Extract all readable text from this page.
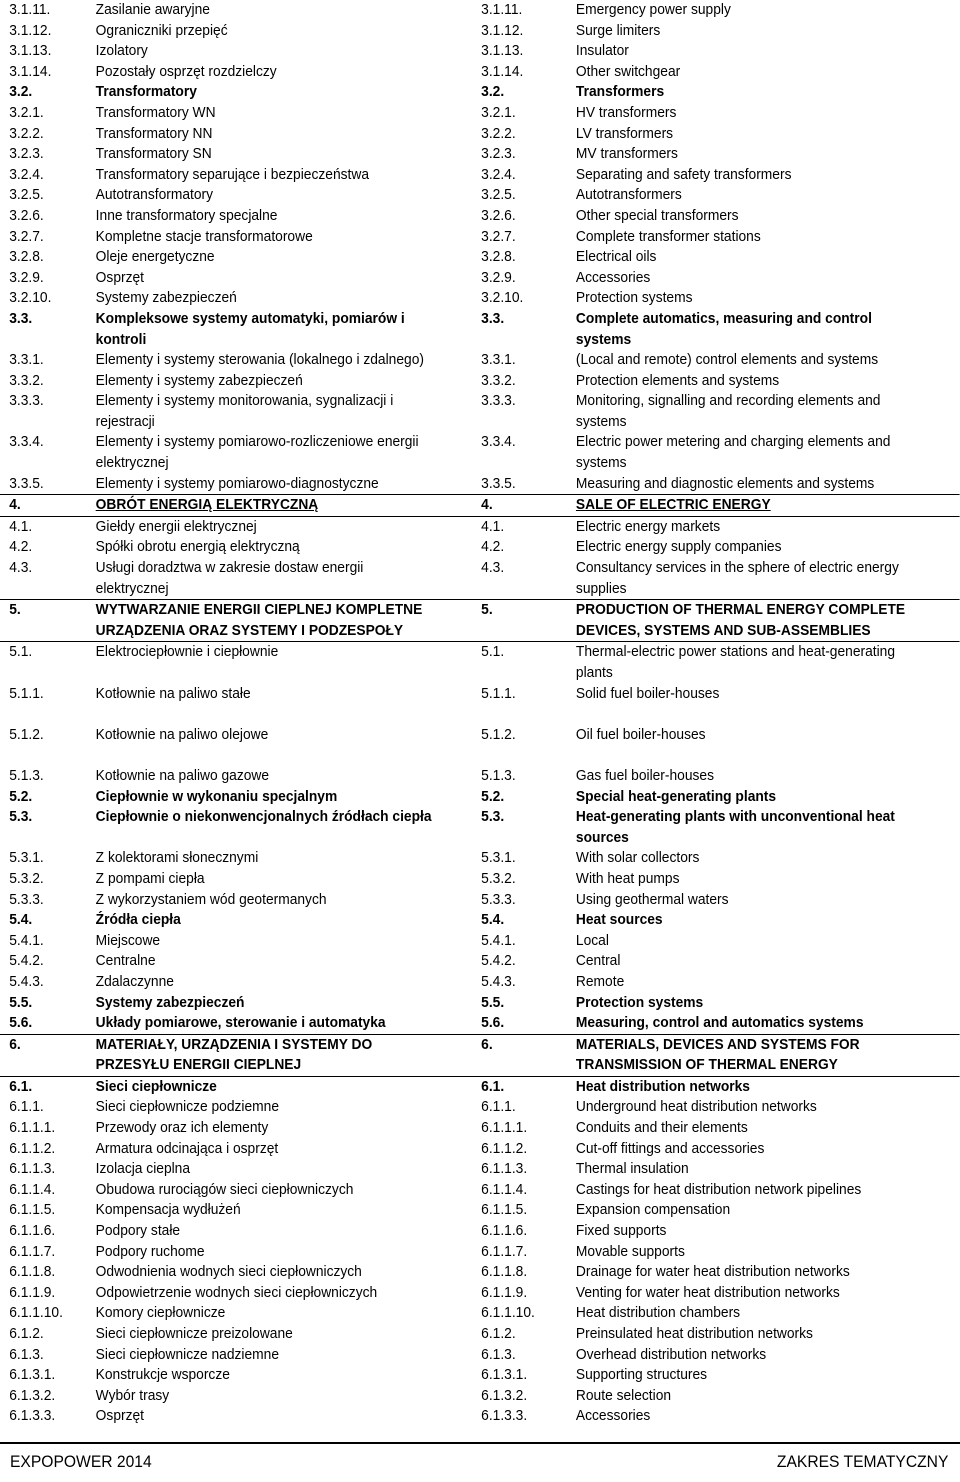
3.1.11.	Zasilanie awaryjne	3.1.11.	Emergency power supply
3.1.12.	Ograniczniki przepięć	3.1.12.	Surge limiters
3.1.13.	Izolatory	3.1.13.	Insulator
3.1.14.	Pozostały osprzęt rozdzielczy	3.1.14.	Other switchgear
3.2.	Transformatory	3.2.	Transformers
3.2.1.	Transformatory WN	3.2.1.	HV transformers
3.2.2.	Transformatory NN	3.2.2.	LV transformers
3.2.3.	Transformatory SN	3.2.3.	MV transformers
3.2.4.	Transformatory separujące i bezpieczeństwa	3.2.4.	Separating and safety transformers
3.2.5.	Autotransformatory	3.2.5.	Autotransformers
3.2.6.	Inne transformatory specjalne	3.2.6.	Other special transformers
3.2.7.	Kompletne stacje transformatorowe	3.2.7.	Complete transformer stations
3.2.8.	Oleje energetyczne	3.2.8.	Electrical oils
3.2.9.	Osprzęt	3.2.9.	Accessories
3.2.10.	Systemy zabezpieczeń	3.2.10.	Protection systems
3.3.	Kompleksowe systemy automatyki, pomiarów i	3.3.	Complete automatics, measuring and control
kontroli	systems
3.3.1.	Elementy i systemy sterowania (lokalnego i zdalnego)	3.3.1.	(Local and remote) control elements and systems
3.3.2.	Elementy i systemy zabezpieczeń	3.3.2.	Protection elements and systems
3.3.3.	Elementy i systemy monitorowania, sygnalizacji i	3.3.3.	Monitoring, signalling and recording elements and
rejestracji	systems
3.3.4.	Elementy i systemy pomiarowo-rozliczeniowe energii	3.3.4.	Electric power metering and charging elements and
elektrycznej	systems
3.3.5.	Elementy i systemy pomiarowo-diagnostyczne	3.3.5.	Measuring and diagnostic elements and systems
4.	OBRÓT ENERGIĄ ELEKTRYCZNĄ	4.	SALE OF ELECTRIC ENERGY
4.1.	Giełdy energii elektrycznej	4.1.	Electric energy markets
4.2.	Spółki obrotu energią elektryczną	4.2.	Electric energy supply companies
4.3.	Usługi doradztwa w zakresie dostaw energii	4.3.	Consultancy services in the sphere of electric energy
elektrycznej	supplies
5.	WYTWARZANIE ENERGII CIEPLNEJ KOMPLETNE	5.	PRODUCTION OF THERMAL ENERGY COMPLETE
URZĄDZENIA ORAZ SYSTEMY I PODZESPOŁY	DEVICES, SYSTEMS AND SUB-ASSEMBLIES
5.1.	Elektrociepłownie i ciepłownie	5.1.	Thermal-electric power stations and heat-generating
plants
5.1.1.	Kotłownie na paliwo stałe	5.1.1.	Solid fuel boiler-houses
5.1.2.	Kotłownie na paliwo olejowe	5.1.2.	Oil fuel boiler-houses
5.1.3.	Kotłownie na paliwo gazowe	5.1.3.	Gas fuel boiler-houses
5.2.	Ciepłownie w wykonaniu specjalnym	5.2.	Special heat-generating plants
5.3.	Ciepłownie o niekonwencjonalnych źródłach ciepła	5.3.	Heat-generating plants with unconventional heat
sources
5.3.1.	Z kolektorami słonecznymi	5.3.1.	With solar collectors
5.3.2.	Z pompami ciepła	5.3.2.	With heat pumps
5.3.3.	Z wykorzystaniem wód geotermanych	5.3.3.	Using geothermal waters
5.4.	Źródła ciepła	5.4.	Heat sources
5.4.1.	Miejscowe	5.4.1.	Local
5.4.2.	Centralne	5.4.2.	Central
5.4.3.	Zdalaczynne	5.4.3.	Remote
5.5.	Systemy zabezpieczeń	5.5.	Protection systems
5.6.	Układy pomiarowe, sterowanie i automatyka	5.6.	Measuring, control and automatics systems
6.	MATERIAŁY, URZĄDZENIA I SYSTEMY DO	6.	MATERIALS, DEVICES AND SYSTEMS FOR
PRZESYŁU ENERGII CIEPLNEJ	TRANSMISSION OF THERMAL ENERGY
6.1.	Sieci ciepłownicze	6.1.	Heat distribution networks
6.1.1.	Sieci ciepłownicze podziemne	6.1.1.	Underground heat distribution networks
6.1.1.1.	Przewody oraz ich elementy	6.1.1.1.	Conduits and their elements
6.1.1.2.	Armatura odcinająca i osprzęt	6.1.1.2.	Cut-off fittings and accessories
6.1.1.3.	Izolacja cieplna	6.1.1.3.	Thermal insulation
6.1.1.4.	Obudowa rurociągów sieci ciepłowniczych	6.1.1.4.	Castings for heat distribution network pipelines
6.1.1.5.	Kompensacja wydłużeń	6.1.1.5.	Expansion compensation
6.1.1.6.	Podpory stałe	6.1.1.6.	Fixed supports
6.1.1.7.	Podpory ruchome	6.1.1.7.	Movable supports
6.1.1.8.	Odwodnienia wodnych sieci ciepłowniczych	6.1.1.8.	Drainage for water heat distribution networks
6.1.1.9.	Odpowietrzenie wodnych sieci ciepłowniczych	6.1.1.9.	Venting for water heat distribution networks
6.1.1.10.	Komory ciepłownicze	6.1.1.10.	Heat distribution chambers
6.1.2.	Sieci ciepłownicze preizolowane	6.1.2.	Preinsulated heat distribution networks
6.1.3.	Sieci ciepłownicze nadziemne	6.1.3.	Overhead distribution networks
6.1.3.1.	Konstrukcje wsporcze	6.1.3.1.	Supporting structures
6.1.3.2.	Wybór trasy	6.1.3.2.	Route selection
6.1.3.3.	Osprzęt	6.1.3.3.	Accessories
EXPOPOWER 2014	ZAKRES TEMATYCZNY
